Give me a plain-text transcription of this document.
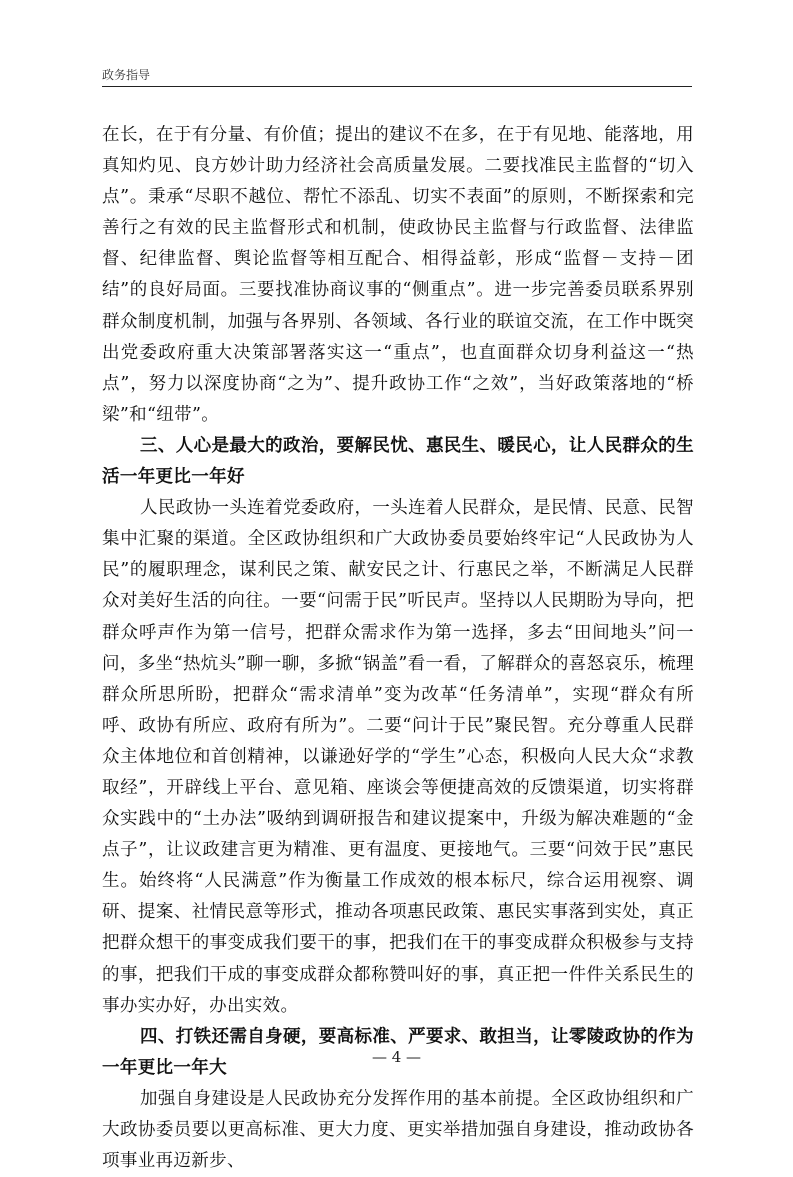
政务指导

在长，在于有分量、有价值；提出的建议不在多，在于有见地、能落地，用真知灼见、良方妙计助力经济社会高质量发展。二要找准民主监督的“切入点”。秉承“尽职不越位、帮忙不添乱、切实不表面”的原则，不断探索和完善行之有效的民主监督形式和机制，使政协民主监督与行政监督、法律监督、纪律监督、舆论监督等相互配合、相得益彰，形成“监督－支持－团结”的良好局面。三要找准协商议事的“侧重点”。进一步完善委员联系界别群众制度机制，加强与各界别、各领域、各行业的联谊交流，在工作中既突出党委政府重大决策部署落实这一“重点”，也直面群众切身利益这一“热点”，努力以深度协商“之为”、提升政协工作“之效”，当好政策落地的“桥梁”和“纽带”。

三、人心是最大的政治，要解民忧、惠民生、暖民心，让人民群众的生活一年更比一年好

人民政协一头连着党委政府，一头连着人民群众，是民情、民意、民智集中汇聚的渠道。全区政协组织和广大政协委员要始终牢记“人民政协为人民”的履职理念，谋利民之策、献安民之计、行惠民之举，不断满足人民群众对美好生活的向往。一要“问需于民”听民声。坚持以人民期盼为导向，把群众呼声作为第一信号，把群众需求作为第一选择，多去“田间地头”问一问，多坐“热炕头”聊一聊，多掀“锅盖”看一看，了解群众的喜怒哀乐，梳理群众所思所盼，把群众“需求清单”变为改革“任务清单”，实现“群众有所呼、政协有所应、政府有所为”。二要“问计于民”聚民智。充分尊重人民群众主体地位和首创精神，以谦逊好学的“学生”心态，积极向人民大众“求教取经”，开辟线上平台、意见箱、座谈会等便捷高效的反馈渠道，切实将群众实践中的“土办法”吸纳到调研报告和建议提案中，升级为解决难题的“金点子”，让议政建言更为精准、更有温度、更接地气。三要“问效于民”惠民生。始终将“人民满意”作为衡量工作成效的根本标尺，综合运用视察、调研、提案、社情民意等形式，推动各项惠民政策、惠民实事落到实处，真正把群众想干的事变成我们要干的事，把我们在干的事变成群众积极参与支持的事，把我们干成的事变成群众都称赞叫好的事，真正把一件件关系民生的事办实办好，办出实效。

四、打铁还需自身硬，要高标准、严要求、敢担当，让零陵政协的作为一年更比一年大

加强自身建设是人民政协充分发挥作用的基本前提。全区政协组织和广大政协委员要以更高标准、更大力度、更实举措加强自身建设，推动政协各项事业再迈新步、

— 4 —
